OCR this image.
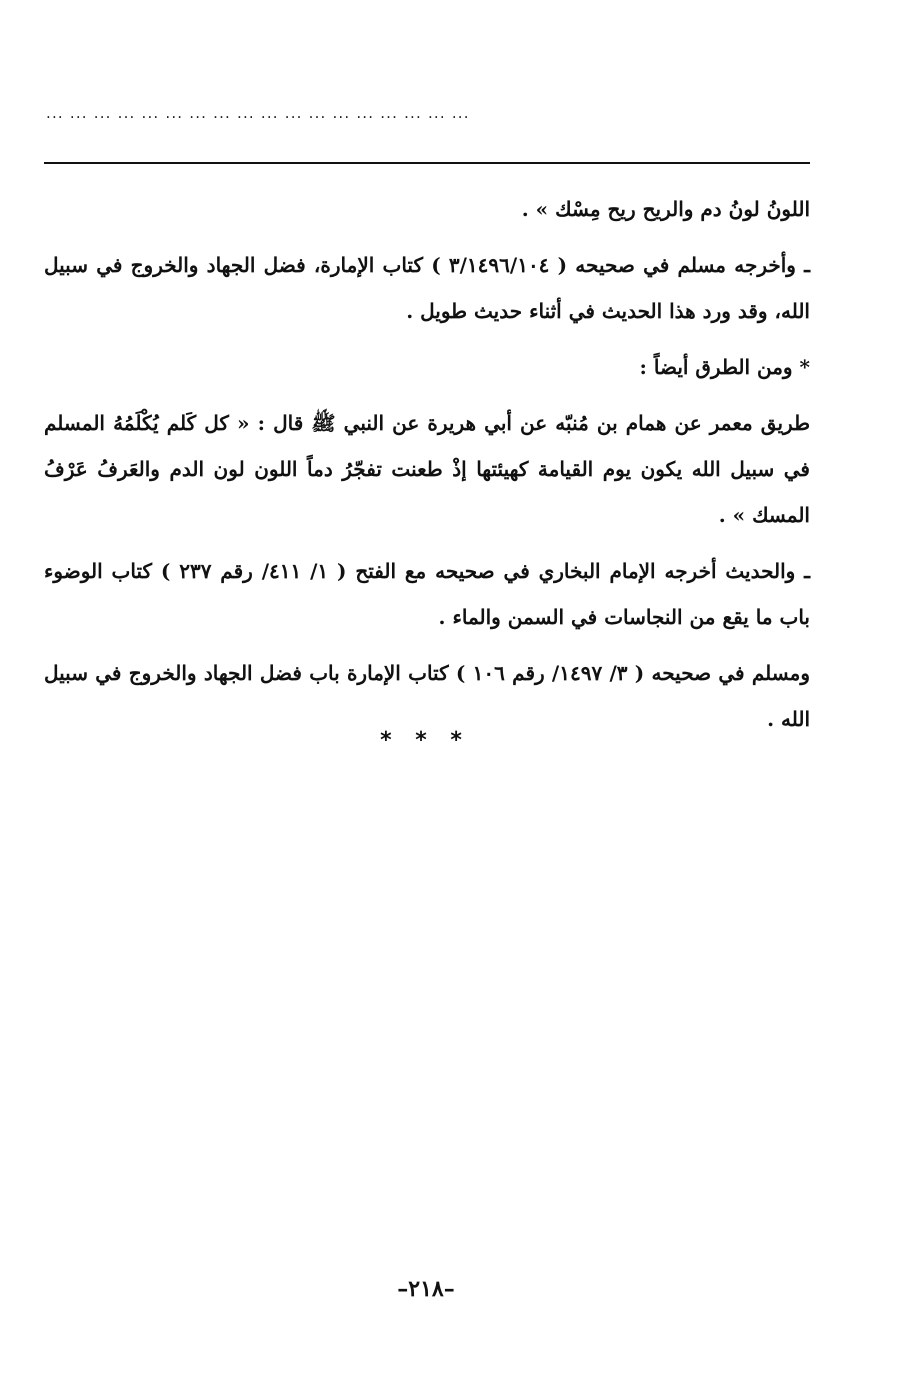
... ... ... ... ... ... ... ... ... ... ... ... ... ... ... ... ... ...

اللونُ لونُ دم والريح ريح مِسْك » .

ـ وأخرجه مسلم في صحيحه ( ٣/١٤٩٦/١٠٤ ) كتاب الإمارة، فضل الجهاد والخروج في سبيل الله، وقد ورد هذا الحديث في أثناء حديث طويل .

* ومن الطرق أيضاً :

طريق معمر عن همام بن مُنبّه عن أبي هريرة عن النبي ﷺ قال : « كل كَلم يُكْلَمُهُ المسلم في سبيل الله يكون يوم القيامة كهيئتها إذْ طعنت تفجّرُ دماً اللون لون الدم والعَرفُ عَرْفُ المسك » .

ـ والحديث أخرجه الإمام البخاري في صحيحه مع الفتح ( ١/ ٤١١/ رقم ٢٣٧ ) كتاب الوضوء باب ما يقع من النجاسات في السمن والماء .

ومسلم في صحيحه ( ٣/ ١٤٩٧/ رقم ١٠٦ ) كتاب الإمارة باب فضل الجهاد والخروج في سبيل الله .

* * *
–٢١٨–
